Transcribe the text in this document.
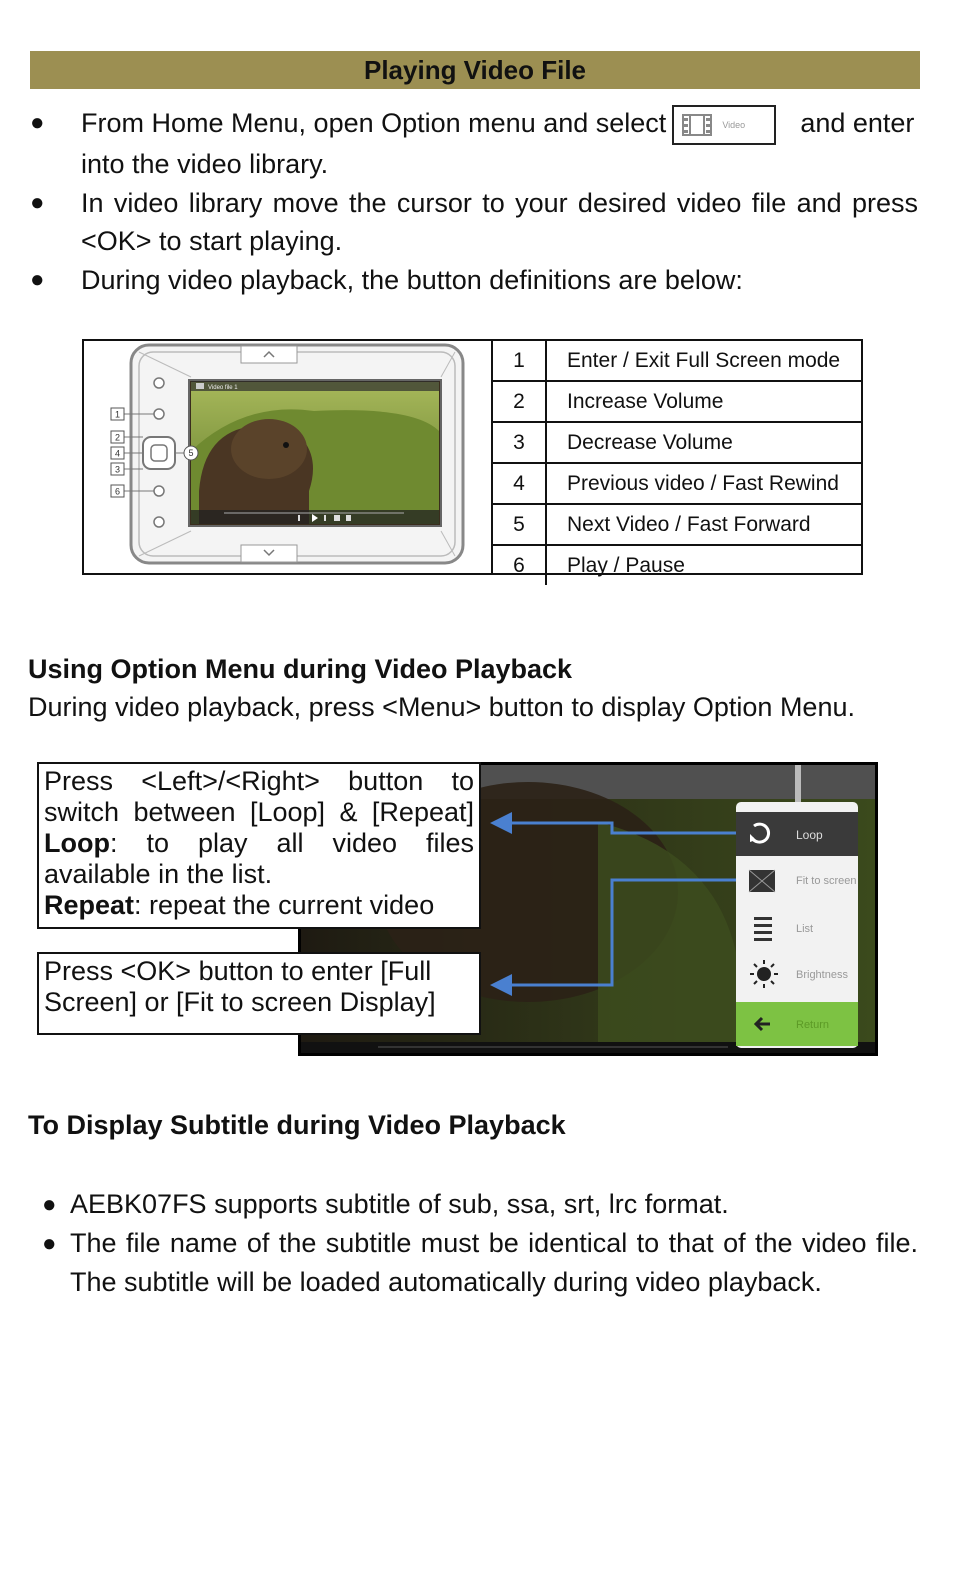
Playing Video File
● From Home Menu, open Option menu and select	Video and enter into the video library.
● In video library move the cursor to your desired video file and press <OK> to start playing.
● During video playback, the button definitions are below:
Video file 1
1
2
4
3
6
5
1	Enter / Exit Full Screen mode
2	Increase Volume
3	Decrease Volume
4	Previous video / Fast Rewind
5	Next Video / Fast Forward
6	Play / Pause
Using Option Menu during Video Playback
During video playback, press <Menu> button to display Option Menu.
Loop
Fit to screen
List
Brightness
Return

Press <Left>/<Right> button to

switch between [Loop] & [Repeat]

Loop: to play all video files

available in the list.

Repeat: repeat the current video

Press <OK> button to enter [Full

Screen] or [Fit to screen Display]

To Display Subtitle during Video Playback
● AEBK07FS supports subtitle of sub, ssa, srt, lrc format.
● The file name of the subtitle must be identical to that of the video file. The subtitle will be loaded automatically during video playback.
